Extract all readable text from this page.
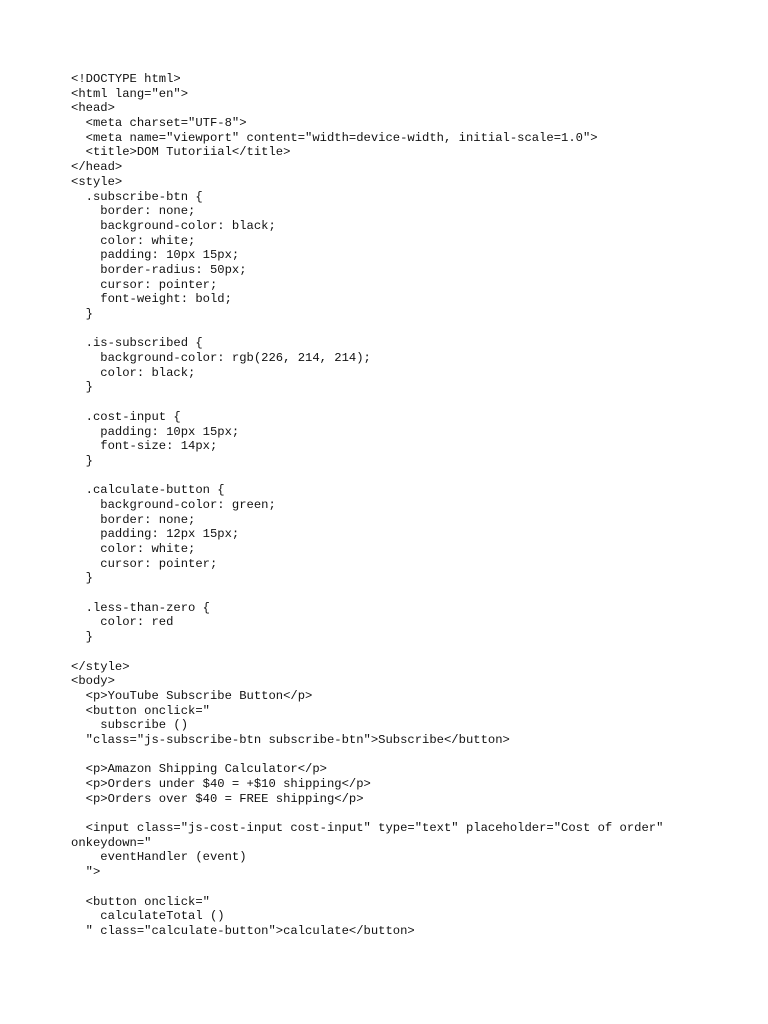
<!DOCTYPE html>
<html lang="en">
<head>
<meta charset="UTF-8">
<meta name="viewport" content="width=device-width, initial-scale=1.0">
<title>DOM Tutoriial</title>
</head>
<style>
.subscribe-btn {
border: none;
background-color: black;
color: white;
padding: 10px 15px;
border-radius: 50px;
cursor: pointer;
font-weight: bold;
}
.is-subscribed {
background-color: rgb(226, 214, 214);
color: black;
}
.cost-input {
padding: 10px 15px;
font-size: 14px;
}
.calculate-button {
background-color: green;
border: none;
padding: 12px 15px;
color: white;
cursor: pointer;
}
.less-than-zero {
color: red
}
</style>
<body>
<p>YouTube Subscribe Button</p>
<button onclick="
subscribe ()
"class="js-subscribe-btn subscribe-btn">Subscribe</button>
<p>Amazon Shipping Calculator</p>
<p>Orders under $40 = +$10 shipping</p>
<p>Orders over $40 = FREE shipping</p>
<input class="js-cost-input cost-input" type="text" placeholder="Cost of order"
onkeydown="
eventHandler (event)
">
<button onclick="
calculateTotal ()
" class="calculate-button">calculate</button>
